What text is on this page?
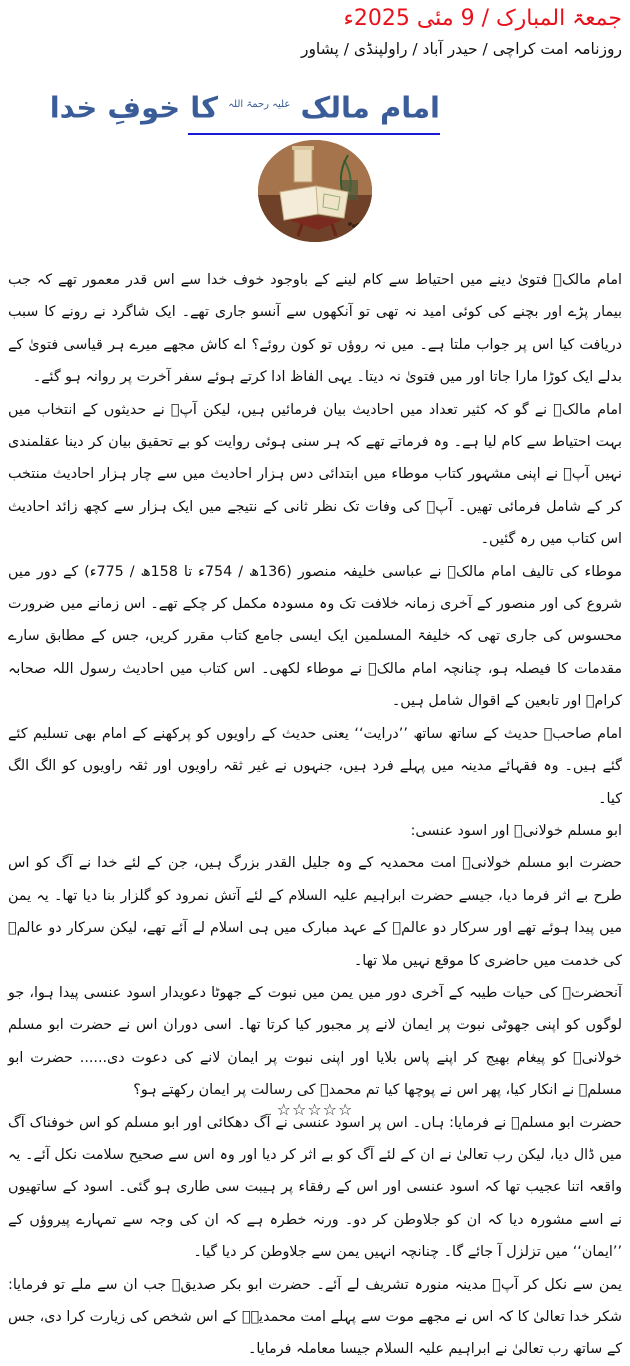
جمعۃ المبارک / 9 مئی 2025ء
روزنامہ امت کراچی / حیدر آباد / راولپنڈی / پشاور
امام مالک $^{علیہ رحمۃ اللہ}$ کا خوفِ خدا

امام مالکؒ فتویٰ دینے میں احتیاط سے کام لینے کے باوجود خوف خدا سے اس قدر معمور تھے کہ جب بیمار پڑے اور بچنے کی کوئی امید نہ تھی تو آنکھوں سے آنسو جاری تھے۔ ایک شاگرد نے رونے کا سبب دریافت کیا اس پر جواب ملتا ہے۔ میں نہ روؤں تو کون روئے؟ اے کاش مجھے میرے ہر قیاسی فتویٰ کے بدلے ایک کوڑا مارا جاتا اور میں فتویٰ نہ دیتا۔ یہی الفاظ ادا کرتے ہوئے سفر آخرت پر روانہ ہو گئے۔

امام مالکؒ نے گو کہ کثیر تعداد میں احادیث بیان فرمائیں ہیں، لیکن آپؒ نے حدیثوں کے انتخاب میں بہت احتیاط سے کام لیا ہے۔ وہ فرماتے تھے کہ ہر سنی ہوئی روایت کو بے تحقیق بیان کر دینا عقلمندی نہیں آپؒ نے اپنی مشہور کتاب موطاء میں ابتدائی دس ہزار احادیث میں سے چار ہزار احادیث منتخب کر کے شامل فرمائی تھیں۔ آپؒ کی وفات تک نظر ثانی کے نتیجے میں ایک ہزار سے کچھ زائد احادیث اس کتاب میں رہ گئیں۔

موطاء کی تالیف امام مالکؒ نے عباسی خلیفہ منصور (136ھ / 754ء تا 158ھ / 775ء) کے دور میں شروع کی اور منصور کے آخری زمانہ خلافت تک وہ مسودہ مکمل کر چکے تھے۔ اس زمانے میں ضرورت محسوس کی جاری تھی کہ خلیفۃ المسلمین ایک ایسی جامع کتاب مقرر کریں، جس کے مطابق سارے مقدمات کا فیصلہ ہو، چنانچہ امام مالکؒ نے موطاء لکھی۔ اس کتاب میں احادیث رسول اللہ صحابہ کرامؓ اور تابعین کے اقوال شامل ہیں۔

امام صاحبؒ حدیث کے ساتھ ساتھ ’’درایت‘‘ یعنی حدیث کے راویوں کو پرکھنے کے امام بھی تسلیم کئے گئے ہیں۔ وہ فقہائے مدینہ میں پہلے فرد ہیں، جنہوں نے غیر ثقہ راویوں اور ثقہ راویوں کو الگ الگ کیا۔

ابو مسلم خولانیؒ اور اسود عنسی:

حضرت ابو مسلم خولانیؒ امت محمدیہ کے وہ جلیل القدر بزرگ ہیں، جن کے لئے خدا نے آگ کو اس طرح بے اثر فرما دیا، جیسے حضرت ابراہیم علیہ السلام کے لئے آتش نمرود کو گلزار بنا دیا تھا۔ یہ یمن میں پیدا ہوئے تھے اور سرکار دو عالمؐ کے عہد مبارک میں ہی اسلام لے آئے تھے، لیکن سرکار دو عالمؐ کی خدمت میں حاضری کا موقع نہیں ملا تھا۔

آنحضرتؐ کی حیات طیبہ کے آخری دور میں یمن میں نبوت کے جھوٹا دعویدار اسود عنسی پیدا ہوا، جو لوگوں کو اپنی جھوٹی نبوت پر ایمان لانے پر مجبور کیا کرتا تھا۔ اسی دوران اس نے حضرت ابو مسلم خولانیؒ کو پیغام بھیج کر اپنے پاس بلایا اور اپنی نبوت پر ایمان لانے کی دعوت دی...... حضرت ابو مسلمؒ نے انکار کیا، پھر اس نے پوچھا کیا تم محمدؐ کی رسالت پر ایمان رکھتے ہو؟

حضرت ابو مسلمؒ نے فرمایا: ہاں۔ اس پر اسود عنسی نے آگ دھکائی اور ابو مسلم کو اس خوفناک آگ میں ڈال دیا، لیکن رب تعالیٰ نے ان کے لئے آگ کو بے اثر کر دیا اور وہ اس سے صحیح سلامت نکل آئے۔ یہ واقعہ اتنا عجیب تھا کہ اسود عنسی اور اس کے رفقاء پر ہیبت سی طاری ہو گئی۔ اسود کے ساتھیوں نے اسے مشورہ دیا کہ ان کو جلاوطن کر دو۔ ورنہ خطرہ ہے کہ ان کی وجہ سے تمہارے پیروؤں کے ’’ایمان‘‘ میں تزلزل آ جائے گا۔ چنانچہ انہیں یمن سے جلاوطن کر دیا گیا۔

یمن سے نکل کر آپؒ مدینہ منورہ تشریف لے آئے۔ حضرت ابو بکر صدیقؓ جب ان سے ملے تو فرمایا: شکر خدا تعالیٰ کا کہ اس نے مجھے موت سے پہلے امت محمدیہؐ کے اس شخص کی زیارت کرا دی، جس کے ساتھ رب تعالیٰ نے ابراہیم علیہ السلام جیسا معاملہ فرمایا۔

☆☆☆☆☆
